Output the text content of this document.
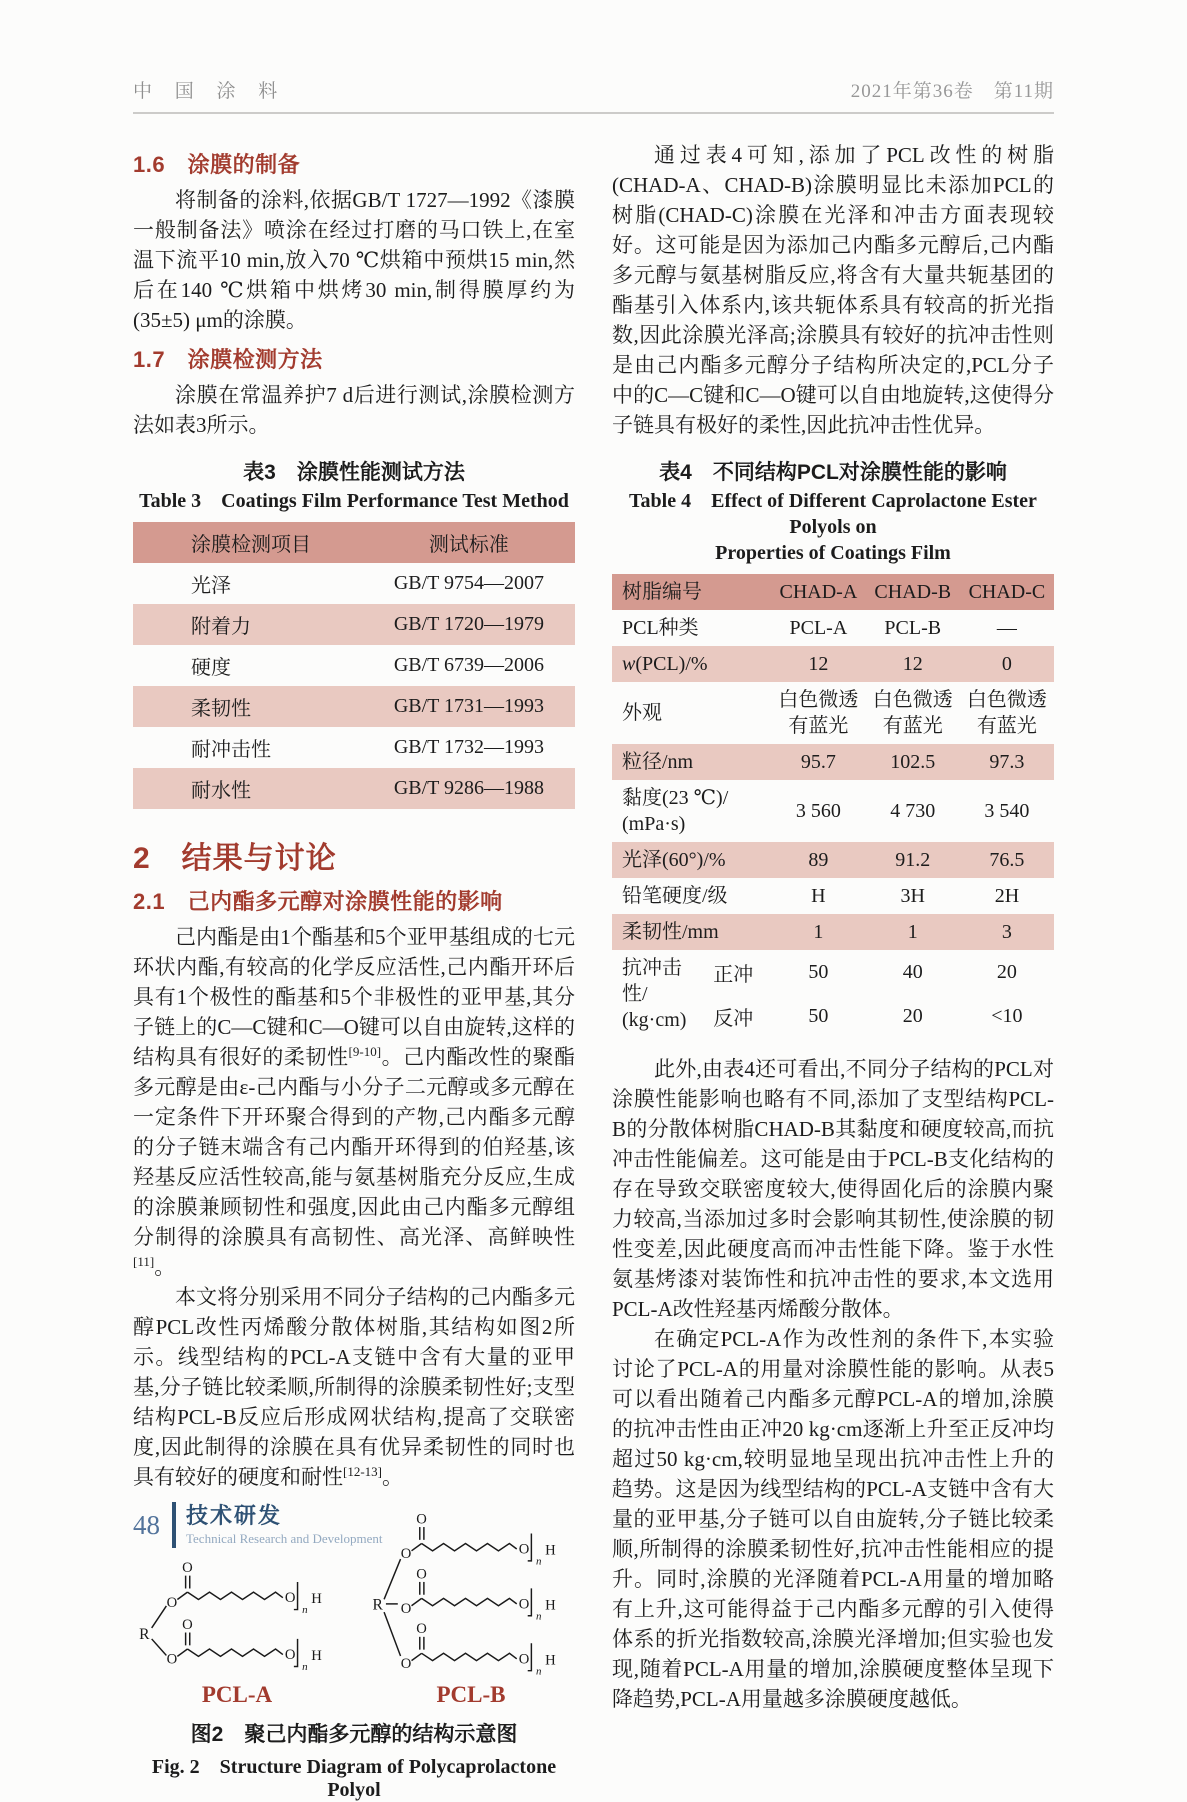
中 国 涂 料	2021年第36卷　第11期
1.6　涂膜的制备

将制备的涂料,依据GB/T 1727—1992《漆膜一般制备法》喷涂在经过打磨的马口铁上,在室温下流平10 min,放入70 ℃烘箱中预烘15 min,然后在140 ℃烘箱中烘烤30 min,制得膜厚约为(35±5) μm的涂膜。

1.7　涂膜检测方法

涂膜在常温养护7 d后进行测试,涂膜检测方法如表3所示。

表3　涂膜性能测试方法
Table 3　Coatings Film Performance Test Method
涂膜检测项目	测试标准
光泽	GB/T 9754—2007
附着力	GB/T 1720—1979
硬度	GB/T 6739—2006
柔韧性	GB/T 1731—1993
耐冲击性	GB/T 1732—1993
耐水性	GB/T 9286—1988
2　结果与讨论
2.1　己内酯多元醇对涂膜性能的影响

己内酯是由1个酯基和5个亚甲基组成的七元环状内酯,有较高的化学反应活性,己内酯开环后具有1个极性的酯基和5个非极性的亚甲基,其分子链上的C—C键和C—O键可以自由旋转,这样的结构具有很好的柔韧性[9-10]。己内酯改性的聚酯多元醇是由ε-己内酯与小分子二元醇或多元醇在一定条件下开环聚合得到的产物,己内酯多元醇的分子链末端含有己内酯开环得到的伯羟基,该羟基反应活性较高,能与氨基树脂充分反应,生成的涂膜兼顾韧性和强度,因此由己内酯多元醇组分制得的涂膜具有高韧性、高光泽、高鲜映性[11]。

本文将分别采用不同分子结构的己内酯多元醇PCL改性丙烯酸分散体树脂,其结构如图2所示。线型结构的PCL-A支链中含有大量的亚甲基,分子链比较柔顺,所制得的涂膜柔韧性好;支型结构PCL-B反应后形成网状结构,提高了交联密度,因此制得的涂膜在具有优异柔韧性的同时也具有较好的硬度和耐性[12-13]。

R
PCL-A
R
PCL-B
图2　聚己内酯多元醇的结构示意图
Fig. 2　Structure Diagram of Polycaprolactone Polyol

通过表4可知,添加了PCL改性的树脂(CHAD-A、CHAD-B)涂膜明显比未添加PCL的树脂(CHAD-C)涂膜在光泽和冲击方面表现较好。这可能是因为添加己内酯多元醇后,己内酯多元醇与氨基树脂反应,将含有大量共轭基团的酯基引入体系内,该共轭体系具有较高的折光指数,因此涂膜光泽高;涂膜具有较好的抗冲击性则是由己内酯多元醇分子结构所决定的,PCL分子中的C—C键和C—O键可以自由地旋转,这使得分子链具有极好的柔性,因此抗冲击性优异。

表4　不同结构PCL对涂膜性能的影响
Table 4　Effect of Different Caprolactone Ester Polyols on
Properties of Coatings Film
树脂编号		CHAD-A	CHAD-B	CHAD-C
PCL种类		PCL-A	PCL-B	—
w(PCL)/%		12	12	0
外观		白色微透有蓝光	白色微透有蓝光	白色微透有蓝光
粒径/nm		95.7	102.5	97.3
黏度(23 ℃)/
(mPa·s)		3 560	4 730	3 540
光泽(60°)/%		89	91.2	76.5
铅笔硬度/级		H	3H	2H
柔韧性/mm		1	1	3
抗冲击性/
(kg·cm)	正冲	50	40	20
	反冲	50	20	<10

此外,由表4还可看出,不同分子结构的PCL对涂膜性能影响也略有不同,添加了支型结构PCL-B的分散体树脂CHAD-B其黏度和硬度较高,而抗冲击性能偏差。这可能是由于PCL-B支化结构的存在导致交联密度较大,使得固化后的涂膜内聚力较高,当添加过多时会影响其韧性,使涂膜的韧性变差,因此硬度高而冲击性能下降。鉴于水性氨基烤漆对装饰性和抗冲击性的要求,本文选用PCL-A改性羟基丙烯酸分散体。

在确定PCL-A作为改性剂的条件下,本实验讨论了PCL-A的用量对涂膜性能的影响。从表5可以看出随着己内酯多元醇PCL-A的增加,涂膜的抗冲击性由正冲20 kg·cm逐渐上升至正反冲均超过50 kg·cm,较明显地呈现出抗冲击性上升的趋势。这是因为线型结构的PCL-A支链中含有大量的亚甲基,分子链可以自由旋转,分子链比较柔顺,所制得的涂膜柔韧性好,抗冲击性能相应的提升。同时,涂膜的光泽随着PCL-A用量的增加略有上升,这可能得益于己内酯多元醇的引入使得体系的折光指数较高,涂膜光泽增加;但实验也发现,随着PCL-A用量的增加,涂膜硬度整体呈现下降趋势,PCL-A用量越多涂膜硬度越低。

48 技术研发
Technical Research and Development
